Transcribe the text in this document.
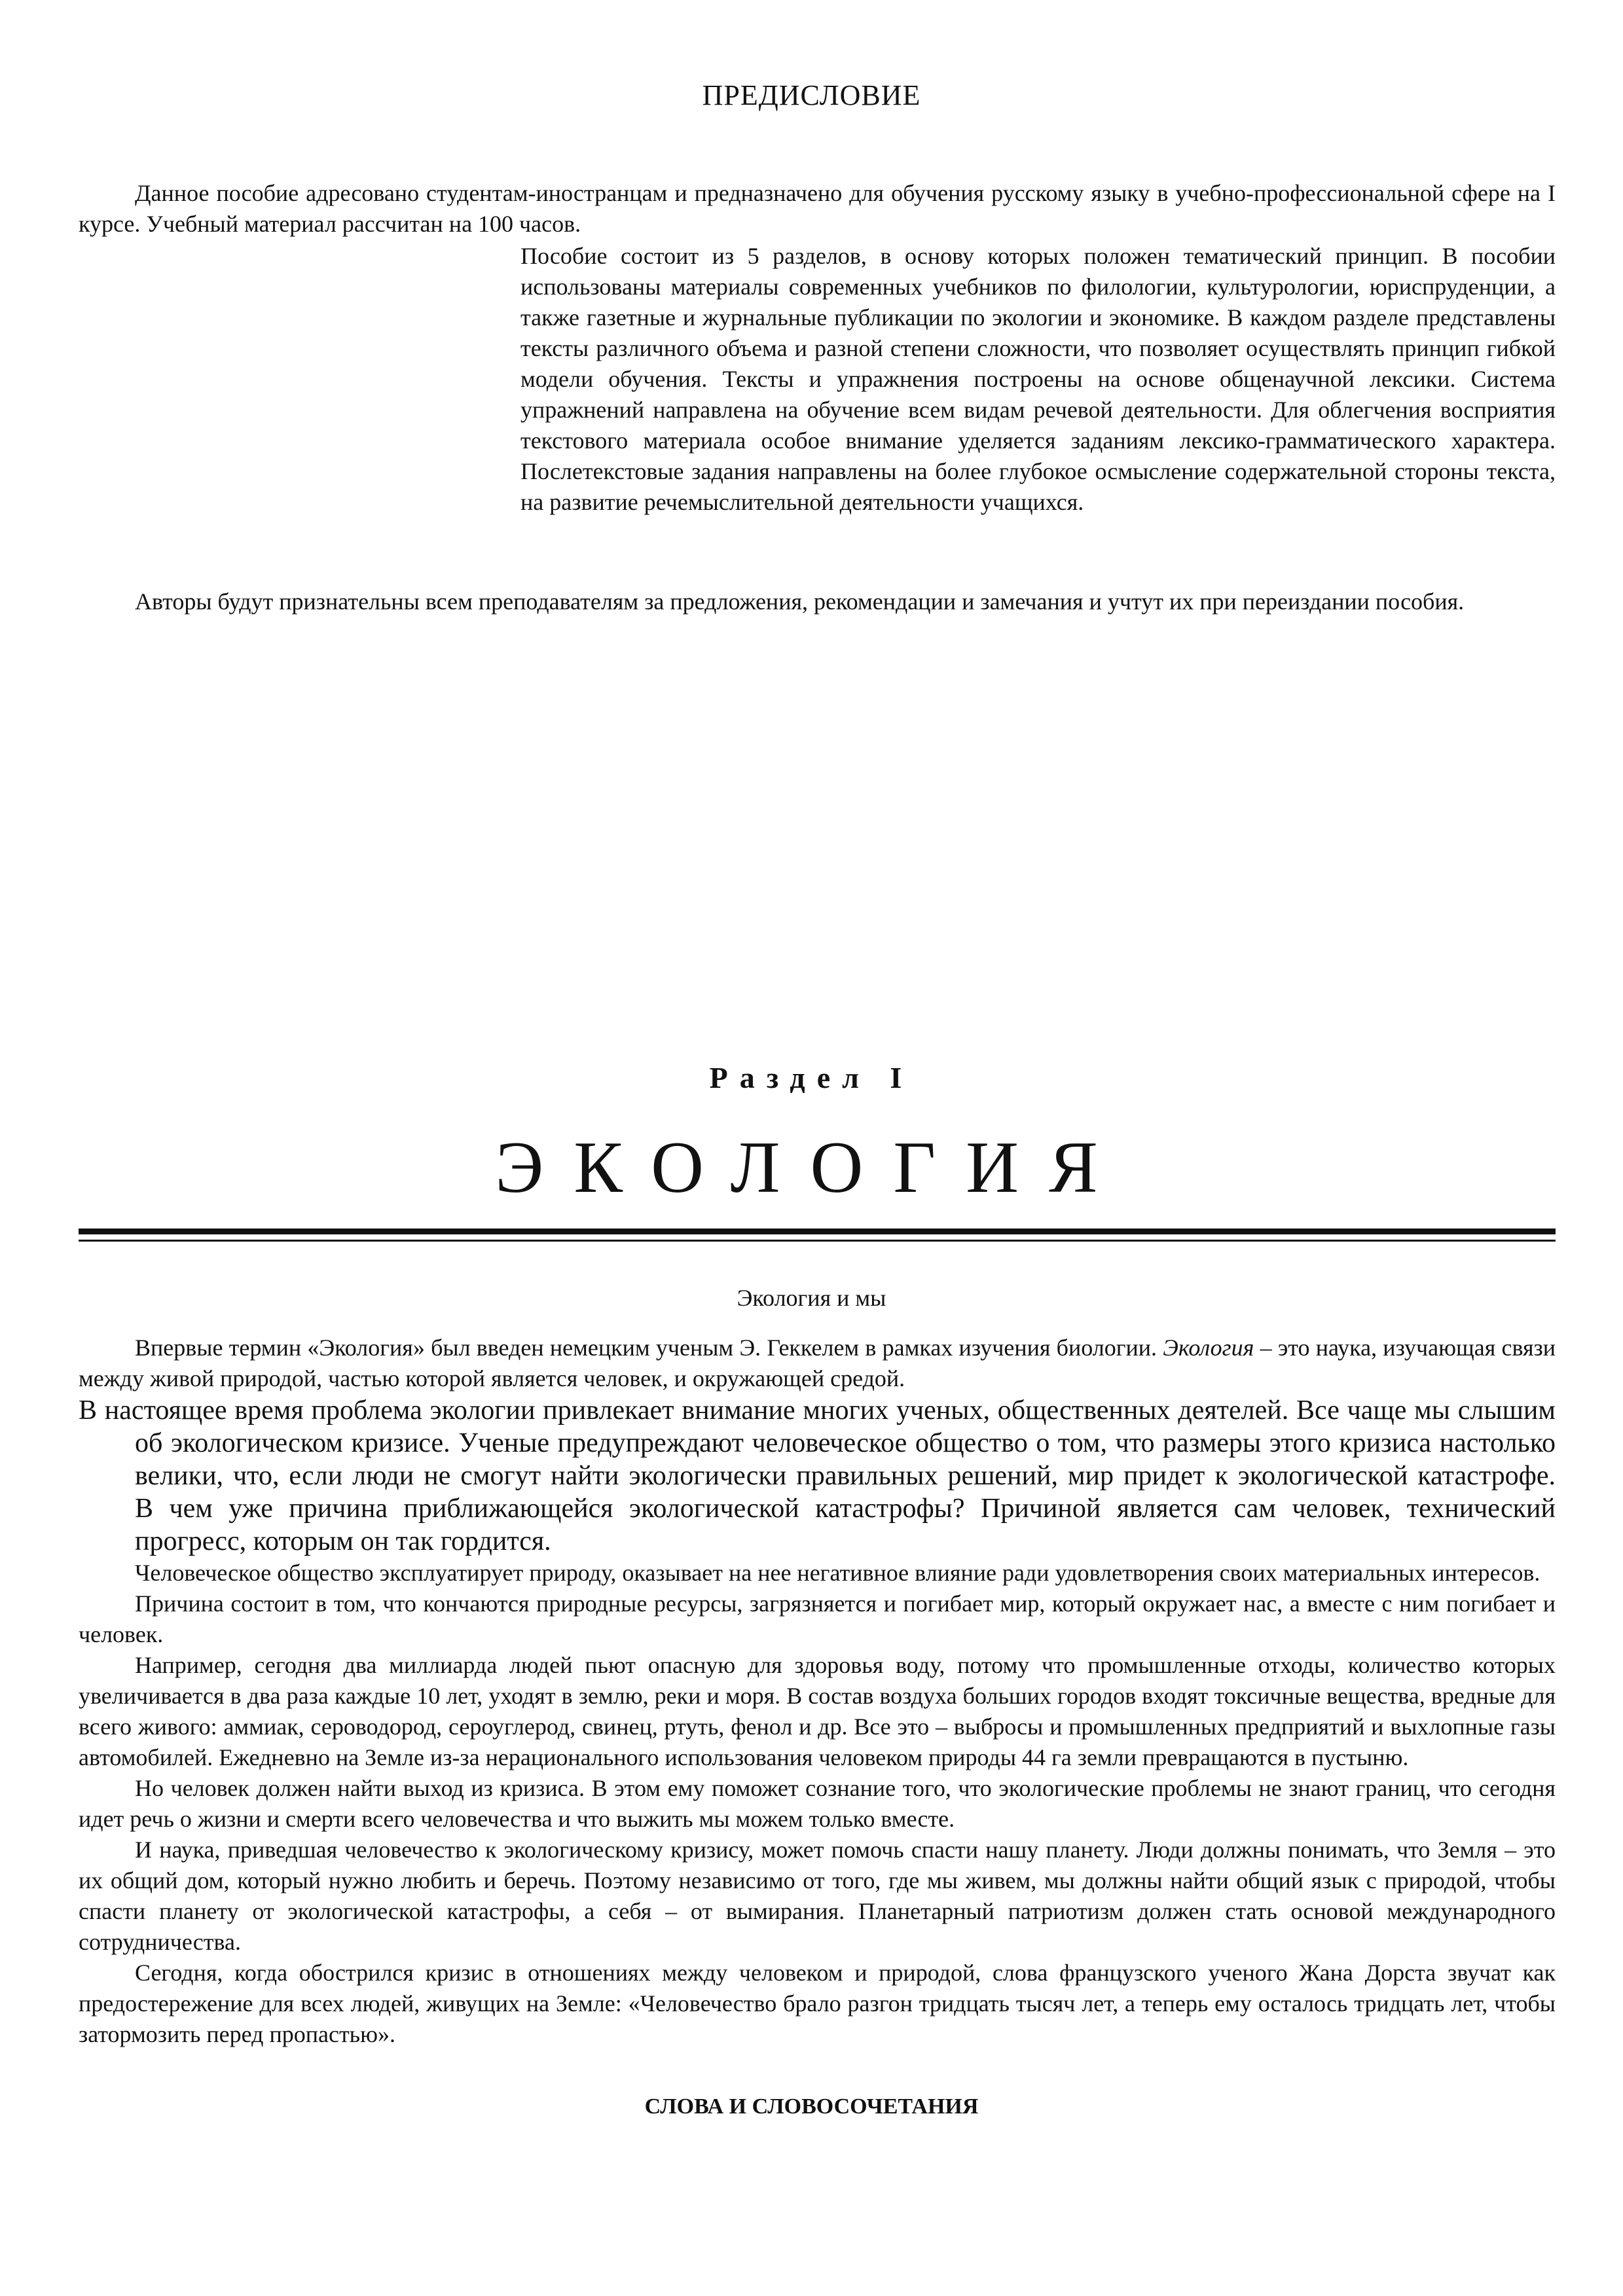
ПРЕДИСЛОВИЕ

Данное пособие адресовано студентам-иностранцам и предназначено для обучения русскому языку в учебно-профессиональной сфере на I курсе. Учебный материал рассчитан на 100 часов.

Пособие состоит из 5 разделов, в основу которых положен тематический принцип. В пособии использованы материалы современных учебников по филологии, культурологии, юриспруденции, а также газетные и журнальные публикации по экологии и экономике. В каждом разделе представлены тексты различного объема и разной степени сложности, что позволяет осуществлять принцип гибкой модели обучения. Тексты и упражнения построены на основе общенаучной лексики. Система упражнений направлена на обучение всем видам речевой деятельности. Для облегчения восприятия текстового материала особое внимание уделяется заданиям лексико-грамматического характера. Послетекстовые задания направлены на более глубокое осмысление содержательной стороны текста, на развитие речемыслительной деятельности учащихся.

Авторы будут признательны всем преподавателям за предложения, рекомендации и замечания и учтут их при переиздании пособия.

Раздел I
ЭКОЛОГИЯ
Экология и мы

Впервые термин «Экология» был введен немецким ученым Э. Геккелем в рамках изучения биологии. Экология – это наука, изучающая связи между живой природой, частью которой является человек, и окружающей средой.

В настоящее время проблема экологии привлекает внимание многих ученых, общественных деятелей. Все чаще мы слышим об экологическом кризисе. Ученые предупреждают человеческое общество о том, что размеры этого кризиса настолько велики, что, если люди не смогут найти экологически правильных решений, мир придет к экологической катастрофе.       В чем уже причина приближающейся экологической катастрофы? Причиной является сам человек, технический прогресс, которым он так гордится.

Человеческое общество эксплуатирует природу, оказывает на нее негативное влияние ради удовлетворения своих материальных интересов.

Причина состоит в том, что кончаются природные ресурсы, загрязняется и погибает мир, который окружает нас, а вместе с ним погибает и человек.

Например, сегодня два миллиарда людей пьют опасную для здоровья воду, потому что промышленные отходы, количество которых увеличивается в два раза каждые 10 лет, уходят в землю, реки и моря. В состав воздуха больших городов входят токсичные вещества, вредные для всего живого: аммиак, сероводород, сероуглерод, свинец, ртуть, фенол и др. Все это – выбросы и промышленных предприятий и выхлопные газы автомобилей. Ежедневно на Земле из-за нерационального использования человеком природы 44 га земли превращаются в пустыню.

Но человек должен найти выход из кризиса. В этом ему поможет сознание того, что экологические проблемы не знают границ, что сегодня идет речь о жизни и смерти всего человечества и что выжить мы можем только вместе.

И наука, приведшая человечество к экологическому кризису, может помочь спасти нашу планету. Люди должны понимать, что Земля – это их общий дом, который нужно любить и беречь. Поэтому независимо от того, где мы живем, мы должны найти общий язык с природой, чтобы спасти планету от экологической катастрофы, а себя – от вымирания. Планетарный патриотизм должен стать основой международного сотрудничества.

Сегодня, когда обострился кризис в отношениях между человеком и природой, слова французского ученого Жана Дорста звучат как предостережение для всех людей, живущих на Земле: «Человечество брало разгон тридцать тысяч лет, а теперь ему осталось тридцать лет, чтобы затормозить перед пропастью».

СЛОВА И СЛОВОСОЧЕТАНИЯ
